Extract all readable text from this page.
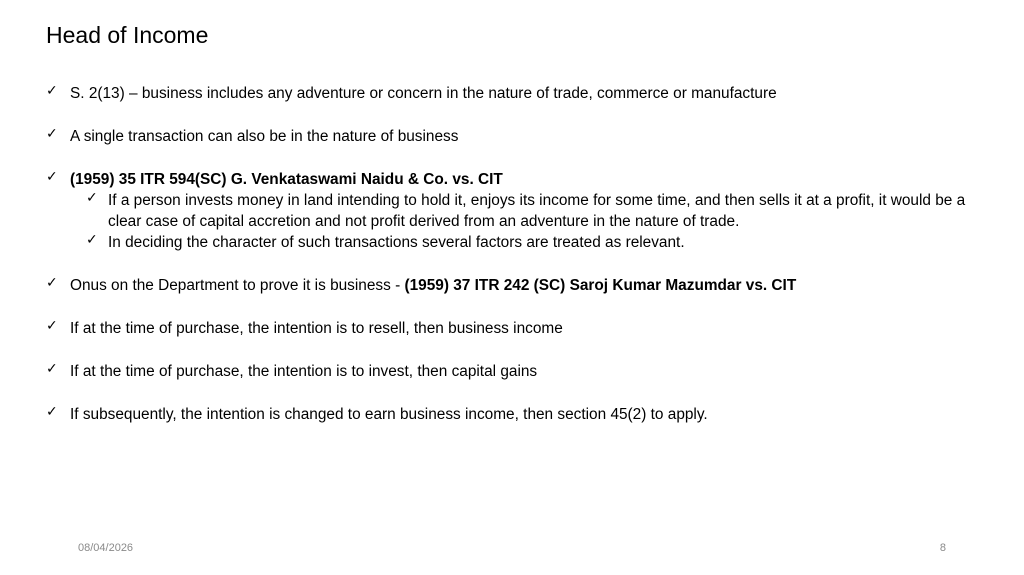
Head of Income
✓ S. 2(13) – business includes any adventure or concern in the nature of trade, commerce or manufacture
✓ A single transaction can also be in the nature of business
✓ (1959) 35 ITR 594(SC) G. Venkataswami Naidu & Co. vs. CIT
✓ If a person invests money in land intending to hold it, enjoys its income for some time, and then sells it at a profit, it would be a clear case of capital accretion and not profit derived from an adventure in the nature of trade.
✓ In deciding the character of such transactions several factors are treated as relevant.
✓ Onus on the Department to prove it is business - (1959) 37 ITR 242 (SC) Saroj Kumar Mazumdar vs. CIT
✓ If at the time of purchase, the intention is to resell, then business income
✓ If at the time of purchase, the intention is to invest, then capital gains
✓ If subsequently, the intention is changed to earn business income, then section 45(2) to apply.
08/04/2026	8
